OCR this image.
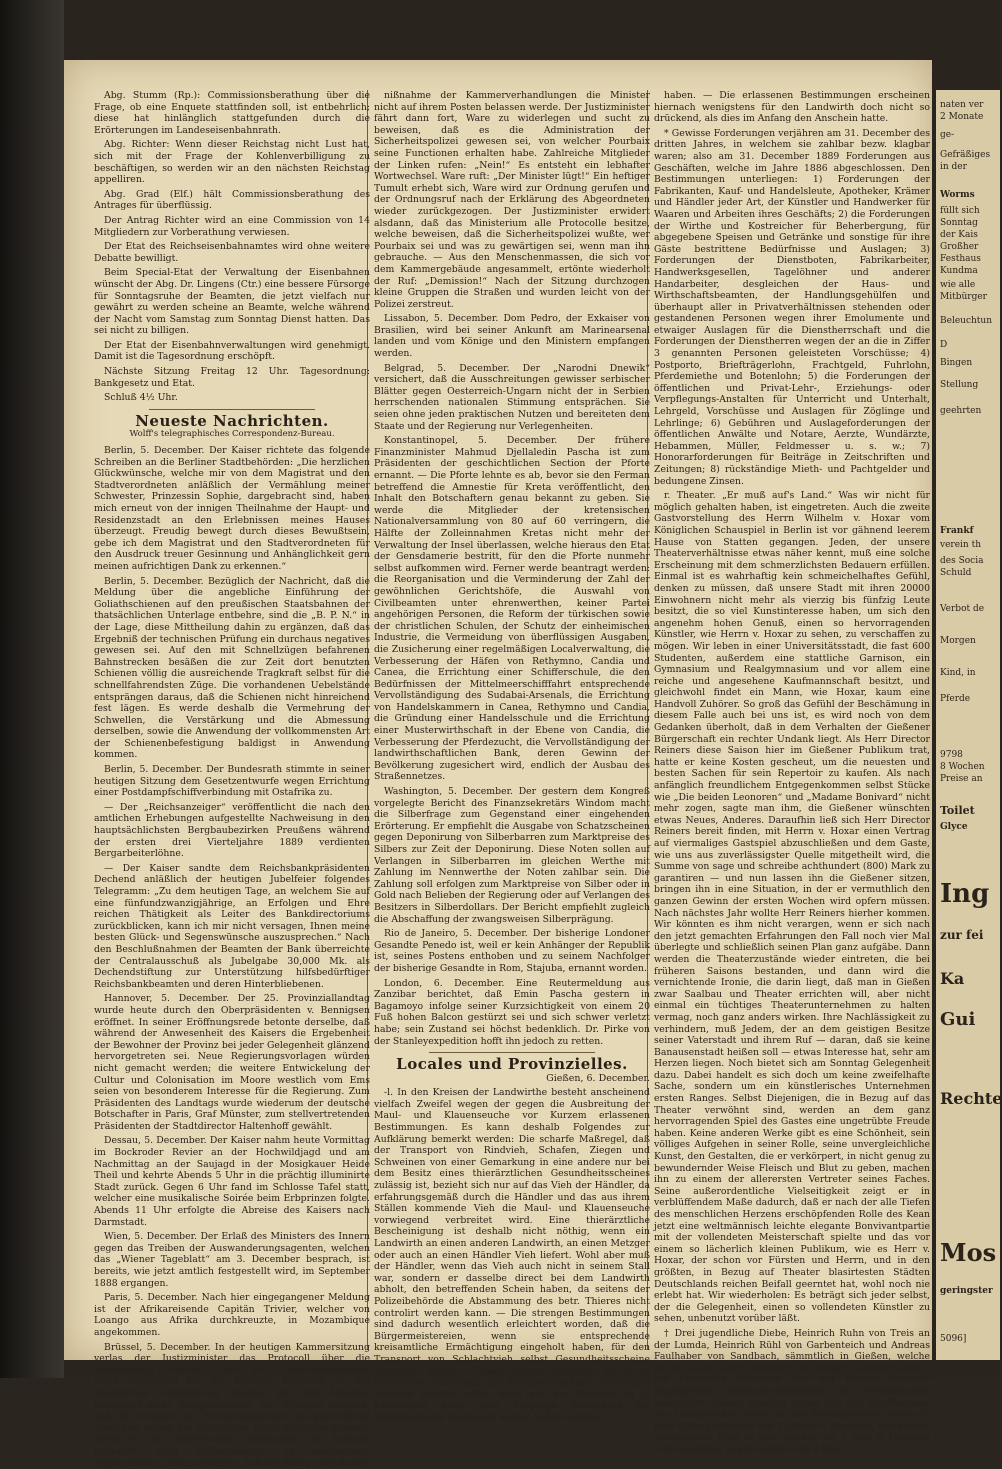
Abg. Stumm (Rp.): Commissionsberathung über die Frage, ob eine Enquete stattfinden soll, ist entbehrlich; diese hat hinlänglich stattgefunden durch die Erörterungen im Landeseisenbahnrath.

Abg. Richter: Wenn dieser Reichstag nicht Lust hat, sich mit der Frage der Kohlenverbilligung zu beschäftigen, so werden wir an den nächsten Reichstag appelliren.

Abg. Grad (Elf.) hält Commissionsberathung des Antrages für überflüssig.

Der Antrag Richter wird an eine Commission von 14 Mitgliedern zur Vorberathung verwiesen.

Der Etat des Reichseisenbahnamtes wird ohne weitere Debatte bewilligt.

Beim Special-Etat der Verwaltung der Eisenbahnen wünscht der Abg. Dr. Lingens (Ctr.) eine bessere Fürsorge für Sonntagsruhe der Beamten, die jetzt vielfach nur gewährt zu werden scheine an Beamte, welche während der Nacht vom Samstag zum Sonntag Dienst hatten. Das sei nicht zu billigen.

Der Etat der Eisenbahnverwaltungen wird genehmigt. Damit ist die Tagesordnung erschöpft.

Nächste Sitzung Freitag 12 Uhr. Tagesordnung: Bankgesetz und Etat.

Schluß 4½ Uhr.

Neueste Nachrichten.
Wolff's telegraphisches Correspondenz-Bureau.

Berlin, 5. December. Der Kaiser richtete das folgende Schreiben an die Berliner Stadtbehörden: „Die herzlichen Glückwünsche, welche mir von dem Magistrat und den Stadtverordneten anläßlich der Vermählung meiner Schwester, Prinzessin Sophie, dargebracht sind, haben mich erneut von der innigen Theilnahme der Haupt- und Residenzstadt an den Erlebnissen meines Hauses überzeugt. Freudig bewegt durch dieses Bewußtsein, gebe ich dem Magistrat und den Stadtverordneten für den Ausdruck treuer Gesinnung und Anhänglichkeit gern meinen aufrichtigen Dank zu erkennen.“

Berlin, 5. December. Bezüglich der Nachricht, daß die Meldung über die angebliche Einführung der Goliathschienen auf den preußischen Staatsbahnen der thatsächlichen Unterlage entbehre, sind die „B. P. N.“ in der Lage, diese Mittheilung dahin zu ergänzen, daß das Ergebniß der technischen Prüfung ein durchaus negatives gewesen sei. Auf den mit Schnellzügen befahrenen Bahnstrecken besäßen die zur Zeit dort benutzten Schienen völlig die ausreichende Tragkraft selbst für die schnellfahrendsten Züge. Die vorhandenen Uebelstände entsprängen daraus, daß die Schienen nicht hinreichend fest lägen. Es werde deshalb die Vermehrung der Schwellen, die Verstärkung und die Abmessung derselben, sowie die Anwendung der vollkommensten Art der Schienenbefestigung baldigst in Anwendung kommen.

Berlin, 5. December. Der Bundesrath stimmte in seiner heutigen Sitzung dem Gesetzentwurfe wegen Errichtung einer Postdampfschiffverbindung mit Ostafrika zu.

— Der „Reichsanzeiger“ veröffentlicht die nach den amtlichen Erhebungen aufgestellte Nachweisung in den hauptsächlichsten Bergbaubezirken Preußens während der ersten drei Vierteljahre 1889 verdienten Bergarbeiterlöhne.

— Der Kaiser sandte dem Reichsbankpräsidenten Dechend anläßlich der heutigen Jubelfeier folgendes Telegramm: „Zu dem heutigen Tage, an welchem Sie auf eine fünfundzwanzigjährige, an Erfolgen und Ehre reichen Thätigkeit als Leiter des Bankdirectoriums zurückblicken, kann ich mir nicht versagen, Ihnen meine besten Glück- und Segenswünsche auszusprechen.“ Nach den Beschlußnahmen der Beamten der Bank überreichte der Centralausschuß als Jubelgabe 30,000 Mk. als Dechendstiftung zur Unterstützung hilfsbedürftiger Reichsbankbeamten und deren Hinterbliebenen.

Hannover, 5. December. Der 25. Provinziallandtag wurde heute durch den Oberpräsidenten v. Bennigsen eröffnet. In seiner Eröffnungsrede betonte derselbe, daß während der Anwesenheit des Kaisers die Ergebenheit der Bewohner der Provinz bei jeder Gelegenheit glänzend hervorgetreten sei. Neue Regierungsvorlagen würden nicht gemacht werden; die weitere Entwickelung der Cultur und Colonisation im Moore westlich vom Ems seien von besonderem Interesse für die Regierung. Zum Präsidenten des Landtags wurde wiederum der deutsche Botschafter in Paris, Graf Münster, zum stellvertretenden Präsidenten der Stadtdirector Haltenhoff gewählt.

Dessau, 5. December. Der Kaiser nahm heute Vormittag im Bockroder Revier an der Hochwildjagd und am Nachmittag an der Saujagd in der Mosigkauer Heide Theil und kehrte Abends 5 Uhr in die prächtig illuminirte Stadt zurück. Gegen 6 Uhr fand im Schlosse Tafel statt, welcher eine musikalische Soirée beim Erbprinzen folgte. Abends 11 Uhr erfolgte die Abreise des Kaisers nach Darmstadt.

Wien, 5. December. Der Erlaß des Ministers des Innern gegen das Treiben der Auswanderungsagenten, welchen das „Wiener Tageblatt“ am 3. December besprach, ist bereits, wie jetzt amtlich festgestellt wird, im September 1888 ergangen.

Paris, 5. December. Nach hier eingegangener Meldung ist der Afrikareisende Capitän Trivier, welcher von Loango aus Afrika durchkreuzte, in Mozambique angekommen.

Brüssel, 5. December. In der heutigen Kammersitzung verlas der Justizminister das Protocoll über die Vernehmung Pourbaix durch die Sicherheitsbehörde. Nach demselben hat der Minister Devolder an der nächtlichen Unterredung Pourbaix mit dem Minister Beernaert nicht theilgenommen. Der Minister erklärte, daß der Dirigent der Sicherheitspolizei das gerichtliche Vorgehen gegen die Socialisten hätte aufhalten können, wenn er die betreffenden Thatsachen zur Sprache gebracht, statt Stillschweigen zu beobachten. Abgeordneter Janson erwartet, daß der König nach Kennt-

nißnahme der Kammerverhandlungen die Minister nicht auf ihrem Posten belassen werde. Der Justizminister fährt dann fort, Ware zu widerlegen und sucht zu beweisen, daß es die Administration der Sicherheitspolizei gewesen sei, von welcher Pourbaix seine Functionen erhalten habe. Zahlreiche Mitglieder der Linken rufen: „Nein!“ Es entsteht ein lebhafter Wortwechsel. Ware ruft: „Der Minister lügt!“ Ein heftiger Tumult erhebt sich, Ware wird zur Ordnung gerufen und der Ordnungsruf nach der Erklärung des Abgeordneten wieder zurückgezogen. Der Justizminister erwidert alsdann, daß das Ministerium alle Protocolle besitze, welche beweisen, daß die Sicherheitspolizei wußte, wer Pourbaix sei und was zu gewärtigen sei, wenn man ihn gebrauche. — Aus den Menschenmassen, die sich vor dem Kammergebäude angesammelt, ertönte wiederholt der Ruf: „Demission!“ Nach der Sitzung durchzogen kleine Gruppen die Straßen und wurden leicht von der Polizei zerstreut.

Lissabon, 5. December. Dom Pedro, der Exkaiser von Brasilien, wird bei seiner Ankunft am Marinearsenal landen und vom Könige und den Ministern empfangen werden.

Belgrad, 5. December. Der „Narodni Dnewik“ versichert, daß die Ausschreitungen gewisser serbischer Blätter gegen Oesterreich-Ungarn nicht der in Serbien herrschenden nationalen Stimmung entsprächen. Sie seien ohne jeden praktischen Nutzen und bereiteten dem Staate und der Regierung nur Verlegenheiten.

Konstantinopel, 5. December. Der frühere Finanzminister Mahmud Djellaledin Pascha ist zum Präsidenten der geschichtlichen Section der Pforte ernannt. — Die Pforte lehnte es ab, bevor sie den Ferman betreffend die Amnestie für Kreta veröffentlicht, den Inhalt den Botschaftern genau bekannt zu geben. Sie werde die Mitglieder der kretensischen Nationalversammlung von 80 auf 60 verringern, die Hälfte der Zolleinnahmen Kretas nicht mehr der Verwaltung der Insel überlassen, welche hieraus den Etat der Gensdamerie bestritt, für den die Pforte nunmehr selbst aufkommen wird. Ferner werde beantragt werden: die Reorganisation und die Verminderung der Zahl der gewöhnlichen Gerichtshöfe, die Auswahl von Civilbeamten unter ehrenwerthen, keiner Partei angehörigen Personen, die Reform der türkischen sowie der christlichen Schulen, der Schutz der einheimischen Industrie, die Vermeidung von überflüssigen Ausgaben, die Zusicherung einer regelmäßigen Localverwaltung, die Verbesserung der Häfen von Rethymno, Candia und Canea, die Errichtung einer Schifferschule, die den Bedürfnissen der Mittelmeerschifffahrt entsprechende Vervollständigung des Sudabai-Arsenals, die Errichtung von Handelskammern in Canea, Rethymno und Candia, die Gründung einer Handelsschule und die Errichtung einer Musterwirthschaft in der Ebene von Candia, die Verbesserung der Pferdezucht, die Vervollständigung der landwirthschaftlichen Bank, deren Gewinn der Bevölkerung zugesichert wird, endlich der Ausbau des Straßennetzes.

Washington, 5. December. Der gestern dem Kongreß vorgelegte Bericht des Finanzsekretärs Windom macht die Silberfrage zum Gegenstand einer eingehenden Erörterung. Er empfiehlt die Ausgabe von Schatzscheinen gegen Deponirung von Silberbarren zum Marktpreise des Silbers zur Zeit der Deponirung. Diese Noten sollen auf Verlangen in Silberbarren im gleichen Werthe mit Zahlung im Nennwerthe der Noten zahlbar sein. Die Zahlung soll erfolgen zum Marktpreise von Silber oder in Gold nach Belieben der Regierung oder auf Verlangen des Besitzers in Silberdollars. Der Bericht empfiehlt zugleich die Abschaffung der zwangsweisen Silberprägung.

Rio de Janeiro, 5. December. Der bisherige Londoner Gesandte Penedo ist, weil er kein Anhänger der Republik ist, seines Postens enthoben und zu seinem Nachfolger der bisherige Gesandte in Rom, Stajuba, ernannt worden.

London, 6. December. Eine Reutermeldung aus Zanzibar berichtet, daß Emin Pascha gestern in Bagamoyo infolge seiner Kurzsichtigkeit von einem 20 Fuß hohen Balcon gestürzt sei und sich schwer verletzt habe; sein Zustand sei höchst bedenklich. Dr. Pirke von der Stanleyexpedition hofft ihn jedoch zu retten.

Locales und Provinzielles.
Gießen, 6. December.

-l. In den Kreisen der Landwirthe besteht anscheinend vielfach Zweifel wegen der gegen die Ausbreitung der Maul- und Klauenseuche vor Kurzem erlassenen Bestimmungen. Es kann deshalb Folgendes zur Aufklärung bemerkt werden: Die scharfe Maßregel, daß der Transport von Rindvieh, Schafen, Ziegen und Schweinen von einer Gemarkung in eine andere nur bei dem Besitz eines thierärztlichen Gesundheitsscheines zulässig ist, bezieht sich nur auf das Vieh der Händler, da erfahrungsgemäß durch die Händler und das aus ihrem Ställen kommende Vieh die Maul- und Klauenseuche vorwiegend verbreitet wird. Eine thierärztliche Bescheinigung ist deshalb nicht nöthig, wenn ein Landwirth an einen anderen Landwirth, an einen Metzger oder auch an einen Händler Vieh liefert. Wohl aber muß der Händler, wenn das Vieh auch nicht in seinem Stall war, sondern er dasselbe direct bei dem Landwirth abholt, den betreffenden Schein haben, da seitens der Polizeibehörde die Abstammung des betr. Thieres nicht controlirt werden kann. — Die strengen Bestimmungen sind dadurch wesentlich erleichtert worden, daß die Bürgermeistereien, wenn sie entsprechende kreisamtliche Ermächtigung eingeholt haben, für den Transport von Schlachtvieh selbst Gesundheitsscheine ausstellen können. Diesen Schein bedürfen, sofern er nicht etwa außerhalb des Großherzogthums überhaupt verlangt werden sollte, auch nur die Händler, da ja Landwirthe nach dem Eingangs Bemerkten für Viehtransporte überhaupt keinen Schein nöthig

haben. — Die erlassenen Bestimmungen erscheinen hiernach wenigstens für den Landwirth doch nicht so drückend, als dies im Anfang den Anschein hatte.

* Gewisse Forderungen verjähren am 31. December des dritten Jahres, in welchem sie zahlbar bezw. klagbar waren; also am 31. December 1889 Forderungen aus Geschäften, welche im Jahre 1886 abgeschlossen. Den Bestimmungen unterliegen: 1) Forderungen der Fabrikanten, Kauf- und Handelsleute, Apotheker, Krämer und Händler jeder Art, der Künstler und Handwerker für Waaren und Arbeiten ihres Geschäfts; 2) die Forderungen der Wirthe und Kostreicher für Beherbergung, für abgegebene Speisen und Getränke und sonstige für ihre Gäste bestrittene Bedürfnisse und Auslagen; 3) Forderungen der Dienstboten, Fabrikarbeiter, Handwerksgesellen, Tagelöhner und anderer Handarbeiter, desgleichen der Haus- und Wirthschaftsbeamten, der Handlungsgehülfen und überhaupt aller in Privatverhältnissen stehenden oder gestandenen Personen wegen ihrer Emolumente und etwaiger Auslagen für die Dienstherrschaft und die Forderungen der Dienstherren wegen der an die in Ziffer 3 genannten Personen geleisteten Vorschüsse; 4) Postporto, Briefträgerlohn, Frachtgeld, Fuhrlohn, Pferdemiethe und Botenlohn; 5) die Forderungen der öffentlichen und Privat-Lehr-, Erziehungs- oder Verpflegungs-Anstalten für Unterricht und Unterhalt, Lehrgeld, Vorschüsse und Auslagen für Zöglinge und Lehrlinge; 6) Gebühren und Auslageforderungen der öffentlichen Anwälte und Notare, Aerzte, Wundärzte, Hebammen, Müller, Feldmesser u. s. w.; 7) Honorarforderungen für Beiträge in Zeitschriften und Zeitungen; 8) rückständige Mieth- und Pachtgelder und bedungene Zinsen.

r. Theater. „Er muß auf's Land.“ Was wir nicht für möglich gehalten haben, ist eingetreten. Auch die zweite Gastvorstellung des Herrn Wilhelm v. Hoxar vom Königlichen Schauspiel in Berlin ist vor gähnend leerem Hause von Statten gegangen. Jeden, der unsere Theaterverhältnisse etwas näher kennt, muß eine solche Erscheinung mit dem schmerzlichsten Bedauern erfüllen. Einmal ist es wahrhaftig kein schmeichelhaftes Gefühl, denken zu müssen, daß unsere Stadt mit ihren 20000 Einwohnern nicht mehr als vierzig bis fünfzig Leute besitzt, die so viel Kunstinteresse haben, um sich den angenehm hohen Genuß, einen so hervorragenden Künstler, wie Herrn v. Hoxar zu sehen, zu verschaffen zu mögen. Wir leben in einer Universitätsstadt, die fast 600 Studenten, außerdem eine stattliche Garnison, ein Gymnasium und Realgymnasium und vor allem eine reiche und angesehene Kaufmannschaft besitzt, und gleichwohl findet ein Mann, wie Hoxar, kaum eine Handvoll Zuhörer. So groß das Gefühl der Beschämung in diesem Falle auch bei uns ist, es wird noch von dem Gedanken überholt, daß in dem Verhalten der Gießener Bürgerschaft ein rechter Undank liegt. Als Herr Director Reiners diese Saison hier im Gießener Publikum trat, hatte er keine Kosten gescheut, um die neuesten und besten Sachen für sein Repertoir zu kaufen. Als nach anfänglich freundlichem Entgegenkommen selbst Stücke wie „Die beiden Leonoren“ und „Madame Bonivard“ nicht mehr zogen, sagte man ihm, die Gießener wünschten etwas Neues, Anderes. Daraufhin ließ sich Herr Director Reiners bereit finden, mit Herrn v. Hoxar einen Vertrag auf viermaliges Gastspiel abzuschließen und dem Gaste, wie uns aus zuverlässigster Quelle mitgetheilt wird, die Summe von sage und schreibe achthundert (800) Mark zu garantiren — und nun lassen ihn die Gießener sitzen, bringen ihn in eine Situation, in der er vermuthlich den ganzen Gewinn der ersten Wochen wird opfern müssen. Nach nächstes Jahr wollte Herr Reiners hierher kommen. Wir könnten es ihm nicht verargen, wenn er sich nach den jetzt gemachten Erfahrungen den Fall noch vier Mal überlegte und schließlich seinen Plan ganz aufgäbe. Dann werden die Theaterzustände wieder eintreten, die bei früheren Saisons bestanden, und dann wird die vernichtende Ironie, die darin liegt, daß man in Gießen zwar Saalbau und Theater errichten will, aber nicht einmal ein tüchtiges Theaterunternehmen zu halten vermag, noch ganz anders wirken. Ihre Nachlässigkeit zu verhindern, muß Jedem, der an dem geistigen Besitze seiner Vaterstadt und ihrem Ruf — daran, daß sie keine Banausenstadt heißen soll — etwas Interesse hat, sehr am Herzen liegen. Noch bietet sich am Sonntag Gelegenheit dazu. Dabei handelt es sich doch um keine zweifelhafte Sache, sondern um ein künstlerisches Unternehmen ersten Ranges. Selbst Diejenigen, die in Bezug auf das Theater verwöhnt sind, werden an dem ganz hervorragenden Spiel des Gastes eine ungetrübte Freude haben. Keine anderen Werke gibt es eine Schönheit, sein völliges Aufgehen in seiner Rolle, seine unvergleichliche Kunst, den Gestalten, die er verkörpert, in nicht genug zu bewundernder Weise Fleisch und Blut zu geben, machen ihn zu einem der allerersten Vertreter seines Faches. Seine außerordentliche Vielseitigkeit zeigt er in verblüffendem Maße dadurch, daß er nach der alle Tiefen des menschlichen Herzens erschöpfenden Rolle des Kean jetzt eine weltmännisch leichte elegante Bonvivantpartie mit der vollendeten Meisterschaft spielte und das vor einem so lächerlich kleinen Publikum, wie es Herr v. Hoxar, der schon vor Fürsten und Herrn, und in den größten, in Bezug auf Theater blasirtesten Städten Deutschlands reichen Beifall geerntet hat, wohl noch nie erlebt hat. Wir wiederholen: Es beträgt sich jeder selbst, der die Gelegenheit, einen so vollendeten Künstler zu sehen, unbenutzt vorüber läßt.

† Drei jugendliche Diebe, Heinrich Ruhn von Treis an der Lumda, Heinrich Rühl von Garbenteich und Andreas Faulhaber von Sandbach, sämmtlich in Gießen, welche die im Laufe dieses Sommers in hiesiger Dampfmolkerei, bei Kaufmann Bachrach und auf Textors Terrasse begangenen Einbruchsdiebstähle in Gemeinschaft ausgeführt haben, standen heute vor der Strafkammer des Landgerichts. Ruhn, als der Meistbelastete, wurde in eine Gefängnißstrafe von 2 Jahren 6 Monaten, der bereits vorbestrafte Rühl in eine solche von 1 Jahr 9 Monaten und Faulhaber in eine solche von 4 Mo-

naten ver
2 Monate
ge-
Gefräßiges
in der
Worms
füllt sich
Sonntag
der Kais
Großher
Festhaus
Kundma
wie alle
Mitbürger
Beleuchtun
D
Bingen
Stellung
geehrten
Frankf
verein th
des Socia
Schuld
Verbot de
Morgen
Kind, in
Pferde
9798
8 Wochen
Preise an
Toilet
Glyce
Ing
zur fei
Ka
Gui
Rechte
Mos
geringster
5096]
